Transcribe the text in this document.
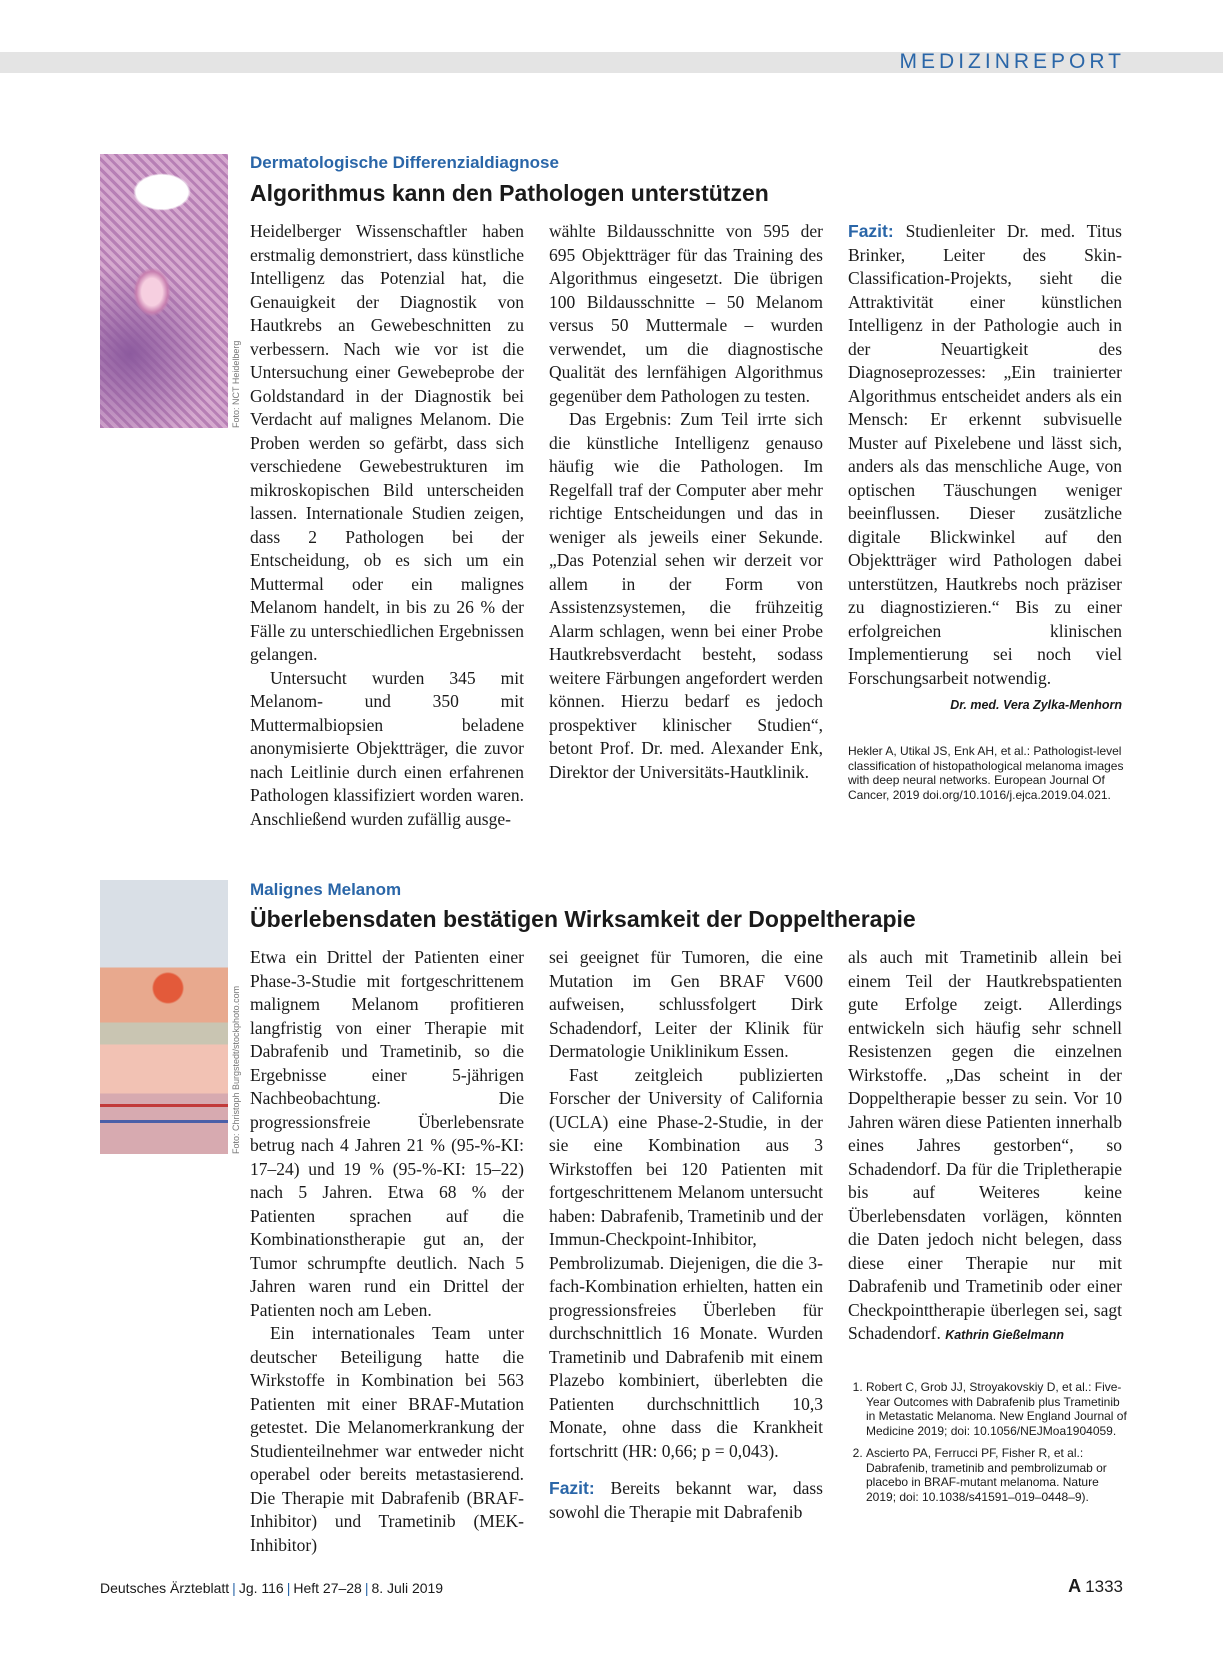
MEDIZINREPORT
Foto: NCT Heidelberg
Dermatologische Differenzialdiagnose
Algorithmus kann den Pathologen unterstützen

Heidelberger Wissenschaftler haben erstmalig demonstriert, dass künstliche Intelligenz das Potenzial hat, die Genauigkeit der Diagnostik von Hautkrebs an Gewebeschnitten zu verbessern. Nach wie vor ist die Untersuchung einer Gewebeprobe der Goldstandard in der Diagnostik bei Verdacht auf malignes Melanom. Die Proben werden so gefärbt, dass sich verschiedene Gewebestrukturen im mikroskopischen Bild unterscheiden lassen. Internationale Studien zeigen, dass 2 Pathologen bei der Entscheidung, ob es sich um ein Muttermal oder ein malignes Melanom handelt, in bis zu 26 % der Fälle zu unterschiedlichen Ergebnissen gelangen.

Untersucht wurden 345 mit Melanom- und 350 mit Muttermalbiopsien beladene anonymisierte Objektträger, die zuvor nach Leitlinie durch einen erfahrenen Pathologen klassifiziert worden waren. Anschließend wurden zufällig ausge-

wählte Bildausschnitte von 595 der 695 Objektträger für das Training des Algorithmus eingesetzt. Die übrigen 100 Bildausschnitte – 50 Melanom versus 50 Muttermale – wurden verwendet, um die diagnostische Qualität des lernfähigen Algorithmus gegenüber dem Pathologen zu testen.

Das Ergebnis: Zum Teil irrte sich die künstliche Intelligenz genauso häufig wie die Pathologen. Im Regelfall traf der Computer aber mehr richtige Entscheidungen und das in weniger als jeweils einer Sekunde. „Das Potenzial sehen wir derzeit vor allem in der Form von Assistenzsystemen, die frühzeitig Alarm schlagen, wenn bei einer Probe Hautkrebsverdacht besteht, sodass weitere Färbungen angefordert werden können. Hierzu bedarf es jedoch prospektiver klinischer Studien“, betont Prof. Dr. med. Alexander Enk, Direktor der Universitäts-Hautklinik.

Fazit: Studienleiter Dr. med. Titus Brinker, Leiter des Skin-Classification-Projekts, sieht die Attraktivität einer künstlichen Intelligenz in der Pathologie auch in der Neuartigkeit des Diagnoseprozesses: „Ein trainierter Algorithmus entscheidet anders als ein Mensch: Er erkennt subvisuelle Muster auf Pixelebene und lässt sich, anders als das menschliche Auge, von optischen Täuschungen weniger beeinflussen. Dieser zusätzliche digitale Blickwinkel auf den Objektträger wird Pathologen dabei unterstützen, Hautkrebs noch präziser zu diagnostizieren.“ Bis zu einer erfolgreichen klinischen Implementierung sei noch viel Forschungsarbeit notwendig.

Dr. med. Vera Zylka-Menhorn
Hekler A, Utikal JS, Enk AH, et al.: Pathologist-level classification of histopathological melanoma images with deep neural networks. European Journal Of Cancer, 2019 doi.org/10.1016/j.ejca.2019.04.021.
Foto: Christoph Burgstedt/stockphoto.com
Malignes Melanom
Überlebensdaten bestätigen Wirksamkeit der Doppeltherapie

Etwa ein Drittel der Patienten einer Phase-3-Studie mit fortgeschrittenem malignem Melanom profitieren langfristig von einer Therapie mit Dabrafenib und Trametinib, so die Ergebnisse einer 5-jährigen Nachbeobachtung. Die progressionsfreie Überlebensrate betrug nach 4 Jahren 21 % (95-%-KI: 17–24) und 19 % (95-%-KI: 15–22) nach 5 Jahren. Etwa 68 % der Patienten sprachen auf die Kombinationstherapie gut an, der Tumor schrumpfte deutlich. Nach 5 Jahren waren rund ein Drittel der Patienten noch am Leben.

Ein internationales Team unter deutscher Beteiligung hatte die Wirkstoffe in Kombination bei 563 Patienten mit einer BRAF-Mutation getestet. Die Melanomerkrankung der Studienteilnehmer war entweder nicht operabel oder bereits metastasierend. Die Therapie mit Dabrafenib (BRAF-Inhibitor) und Trametinib (MEK-Inhibitor)

sei geeignet für Tumoren, die eine Mutation im Gen BRAF V600 aufweisen, schlussfolgert Dirk Schadendorf, Leiter der Klinik für Dermatologie Uniklinikum Essen.

Fast zeitgleich publizierten Forscher der University of California (UCLA) eine Phase-2-Studie, in der sie eine Kombination aus 3 Wirkstoffen bei 120 Patienten mit fortgeschrittenem Melanom untersucht haben: Dabrafenib, Trametinib und der Immun-Checkpoint-Inhibitor, Pembrolizumab. Diejenigen, die die 3-fach-Kombination erhielten, hatten ein progressionsfreies Überleben für durchschnittlich 16 Monate. Wurden Trametinib und Dabrafenib mit einem Plazebo kombiniert, überlebten die Patienten durchschnittlich 10,3 Monate, ohne dass die Krankheit fortschritt (HR: 0,66; p = 0,043).

Fazit: Bereits bekannt war, dass sowohl die Therapie mit Dabrafenib

als auch mit Trametinib allein bei einem Teil der Hautkrebspatienten gute Erfolge zeigt. Allerdings entwickeln sich häufig sehr schnell Resistenzen gegen die einzelnen Wirkstoffe. „Das scheint in der Doppeltherapie besser zu sein. Vor 10 Jahren wären diese Patienten innerhalb eines Jahres gestorben“, so Schadendorf. Da für die Tripletherapie bis auf Weiteres keine Überlebensdaten vorlägen, könnten die Daten jedoch nicht belegen, dass diese einer Therapie nur mit Dabrafenib und Trametinib oder einer Checkpointtherapie überlegen sei, sagt Schadendorf. Kathrin Gießelmann

1. Robert C, Grob JJ, Stroyakovskiy D, et al.: Five-Year Outcomes with Dabrafenib plus Trametinib in Metastatic Melanoma. New England Journal of Medicine 2019; doi: 10.1056/NEJMoa1904059.
2. Ascierto PA, Ferrucci PF, Fisher R, et al.: Dabrafenib, trametinib and pembrolizumab or placebo in BRAF-mutant melanoma. Nature 2019; doi: 10.1038/s41591–019–0448–9).
Deutsches Ärzteblatt | Jg. 116 | Heft 27–28 | 8. Juli 2019	A 1333
